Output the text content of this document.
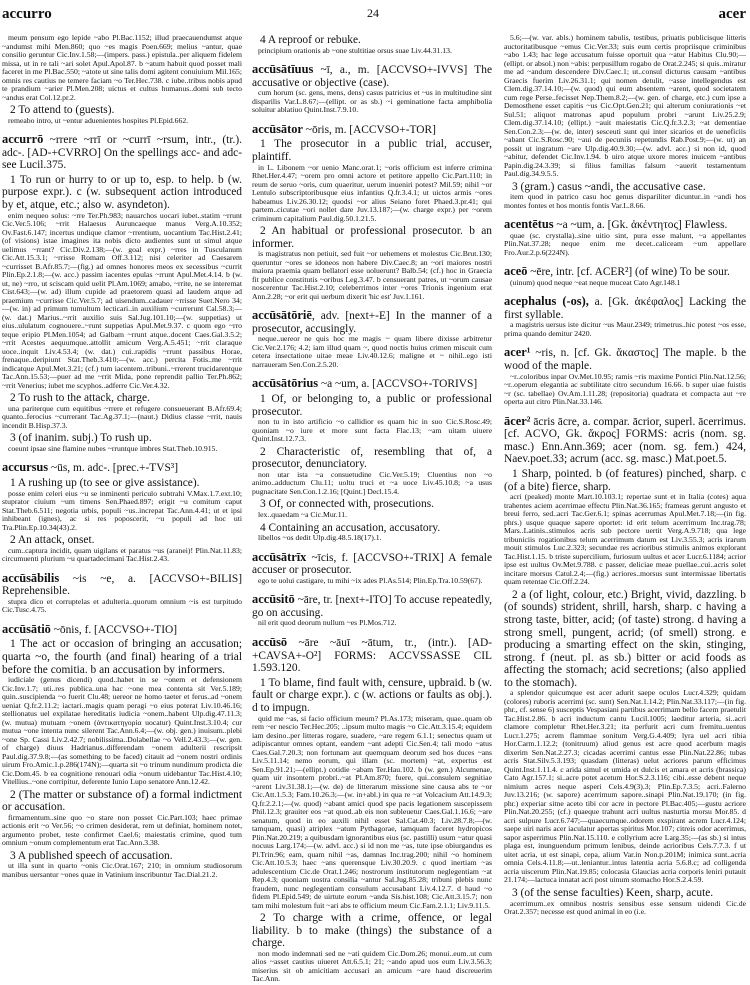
accurro	24	acer
meum pensum ego lepide ~abo Pl.Bac.1152; illud praecauendumst atque ~andumst mihi Men.860; quo ~es magis Poen.669; melius ~antur, quae consilio geruntur Cic.Inv.1.58;—(impers. pass.) epistula..per aliquem fidelem missa, ut in re tali ~ari solet Apul.Apol.87. b ~atum habuit quod posset mali faceret in me Pl.Bac.550; ~atote ut sine talis domi agitent conuiuium Mil.165; omnis res cautius ne temere faciam ~o Ter.Hec.738. c iube..tribus nobis apud te prandium ~arier Pl.Men.208; uictus et cultus humanus..domi sub tecto ~andus erat Col.12.pr.2.
2 To attend to (guests).
remeabo intro, ut ~entur aduenientes hospites Pl.Epid.662.
accurrō ~rrere ~rrī or ~currī ~rsum, intr., (tr.). adc-. [AD-+CVRRO] On the spellings acc- and adc- see Lucil.375.
1 To run or hurry to or up to, esp. to help. b (w. purpose expr.). c (w. subsequent action introduced by et, atque, etc.; also w. asyndeton).
enim nequeo solus: ~rre Ter.Ph.983; nauarchos uocari iubet..statim ~rrunt Cic.Ver.5.106; ~rrit Halaesus Auruncaeque manus Verg.A.10.352; Ov.Fast.6.147; incertus undique clamor ~rrentium, uocantium Tac.Hist.2.41; (of visions) istae imagines ita nobis dicto audientes sunt ut simul atque uelimus ~rrant? Cic.Div.2.138;—(w. goal expr.) ~rres in Tusculanum Cic.Att.15.3.1; ~rrisse Romam Off.3.112; nisi celeriter ad Caesarem ~currisset B.Afr.85.7;—(fig.) ad omnes honores meos ex secessibus ~currit Plin.Ep.2.1.8;—(w. acc.) passim iacentes epulas ~rrunt Apul.Met.4.14. b (w. ut, ne) ~rro, ut sciscam quid uelit Pl.Am.1069; amabo, ~rrite, ne se interemat Cist.643;—(w. ad) illum cupide ad praetorem quasi ad laudem atque ad praemium ~currisse Cic.Ver.5.7; ad uisendum..cadauer ~rrisse Suet.Nero 34;—(w. in) ad primum tumultum lecticari..in auxilium ~currerunt Cal.58.3;—(w. dat.) Marius..~rrit auxilio suis Sal.Jug.101.10;—(w. suppetias) ut eius..ululatum cognouere..~runt suppetias Apul.Met.9.37. c quom ego ~rro teque eripio Pl.Men.1054; ad Galbam ~rrunt atque..docent Caes.Gal.3.5.2; ~rrit Acestes aequumque..attollit amicum Verg.A.5.451; ~rrit claraque uoce..inquit Liv.4.53.4; (w. dat.) cui..rapidis ~rrunt passibus Horae, frenaque..deripiunt Stat.Theb.3.410;—(w. acc.) percita Fotis..me ~rrit indicatque Apul.Met.3.21; (cf.) tum iacentem..tribuni..~rrerent trucidarentque Tac.Ann.15.53;—puer ad me ~rrit Mida, pone reprendit pallio Ter.Ph.862; ~rrit Venerius; iubet me scyphos..adferre Cic.Ver.4.32.
2 To rush to the attack, charge.
una pariterque cum equitibus ~rrere et refugere consueuerant B.Afr.69.4; quanto..ferocius ~currerant Tac.Ag.37.1;—(naut.) Didius classe ~rrit, nauis incendit B.Hisp.37.3.
3 (of inanim. subj.) To rush up.
coeunt ipsae sine flamine nubes ~rruntque imbres Stat.Theb.10.915.
accursus ~ūs, m. adc-. [prec.+-TVS³]
1 A rushing up (to see or give assistance).
posse enim celeri eius ~u se inminenti periculo subtrahi V.Max.1.7.ext.10; stuprator ciuium ~um timens Sen.Phaed.897; erigit ~u comitum caput Stat.Theb.6.511; negotia urbis, populi ~us..increpat Tac.Ann.4.41; ut et ipsi inhibeant (ignes), ac si res poposcerit, ~u populi ad hoc uti Tra.Plin.Ep.10.34(43).2.
2 An attack, onset.
cum..captura incidit, quam uigilans et paratus ~us (aranei)! Plin.Nat.11.83; circumuenti plurium ~u quartadecimani Tac.Hist.2.43.
accūsābilis ~is ~e, a. [ACCVSO+-BILIS] Reprehensible.
stupra dico et corruptelas et adulteria..quorum omnium ~is est turpitudo Cic.Tusc.4.75.
accūsātiō ~ōnis, f. [ACCVSO+-TIO]
1 The act or occasion of bringing an accusation; quarta ~o, the fourth (and final) hearing of a trial before the comitia. b an accusation by informers.
iudiciale (genus dicendi) quod..habet in se ~onem et defensionem Cic.Inv.1.7; uti..res publica..una hac ~one mea contenta sit Ver.5.189; quin..suscipienda ~o fuerit Clu.48; uereor ne homo taeter et ferus..ad ~onem ueniat Q.fr.2.11.2; iactari..magis quam peragi ~o eius poterat Liv.10.46.16; stellionatus uel expilatae hereditatis iudicia ~onem..habent Ulp.dig.47.11.3; (w. mutua) mutuam ~onem (ἀντικατηγορία uocatur) Quint.Inst.3.10.4; cur mutua ~one intenta nunc silerent Tac.Ann.6.4;—(w. obj. gen.) inuisum..plebi ~one Sp. Cassi Liv.2.42.7; nobilissima..Dolabellae ~o Vell.2.43.3;—(w. gen. of charge) diuus Hadrianus..differendam ~onem adulterii rescripsit Paul.dig.37.9.8;—(as something to be faced) citauit ad ~onem nostri ordinis uirum Fro.Amic.1.p.286(174N);—quarta sit ~o trinum nundinum prodicta die Cic.Dom.45. b ea cognitione renouari odia ~onum uidebantur Tac.Hist.4.10; Vitellius..~one corripitur, deferente Iunio Lupo senatore Ann.12.42.
2 (The matter or substance of) a formal indictment or accusation.
firmamentum..sine quo ~o stare non posset Cic.Part.103; haec primae actionis erit ~o Ver.56; ~o crimen desiderat, rem ut definiat, hominem notet, argumento probet, teste confirmet Cael.6; maiestatis crimine, quod tum omnium ~onum complementum erat Tac.Ann.3.38.
3 A published speech of accusation.
ut illa sunt in quarto ~onis Cic.Orat.167; 210; in omnium studiosorum manibus uersantur ~ones quae in Vatinium inscribuntur Tac.Dial.21.2.
4 A reproof or rebuke.
principium orationis ab ~one stultitiae orsus suae Liv.44.31.13.
accūsātīuus ~ī, a., m. [ACCVSO+-IVVS] The accusative or objective (case).
cum horum (sc. gens, mens, dens) casus patricius et ~us in multitudine sint disparilis Var.L.8.67;—(ellipt. or as sb.) ~i geminatione facta amphibolia soluitur ablatiuo Quint.Inst.7.9.10.
accūsātor ~ōris, m. [ACCVSO+-TOR]
1 The prosecutor in a public trial, accuser, plaintiff.
in L. Libonem ~or uenio Manc.orat.1; ~oris officium est inferre crimina Rhet.Her.4.47; ~orem pro omni actore et petitore appello Cic.Part.110; in reum de seruo ~oris, cum quaeritur, uerum inueniri potest? Mil.59; nihil ~or Lentulo subscriptoribusque eius infantius Q.fr.3.4.1; ut uictos armis ~ores habeamus Liv.26.30.12; quodsi ~or alius Seiano foret Phaed.3.pr.41; qui partem..cicutae ~ori nollet dare Juv.13.187;—(w. charge expr.) per ~orem criminum capitalium Paul.dig.50.1.21.5.
2 An habitual or professional prosecutor. b an informer.
is magistratus non petiuit, sed fuit ~or uehemens et molestus Cic.Brut.130; queruntur ~ores se idoneos non habere Div.Caec.8; an ~ori maiores nostri maiora praemia quam bellatori esse uoluerunt? Balb.54; (cf.) hoc in Graecia fit publice constitutis ~oribus Leg.3.47. b censuerant patres, ut ~orum causae noscerentur Tac.Hist.2.10; celeberrimos inter ~ores Trionis ingenium erat Ann.2.28; ~or erit qui uerbum dixerit 'hic est' Juv.1.161.
accūsātōriē, adv. [next+-E] In the manner of a prosecutor, accusingly.
neque..uereor ne quis hoc me magis ~ quam libere dixisse arbitretur Cic.Ver.2.176; 4.2; iam illud quam ~, quod noctis huius crimen miscuit cum cetera insectatione uitae meae Liv.40.12.6; maligne et ~ nihil..ego isti narraueram Sen.Con.2.5.20.
accūsātōrius ~a ~um, a. [ACCVSO+-TORIVS]
1 Of, or belonging to, a public or professional prosecutor.
non tu in isto artificio ~o callidior es quam hic in suo Cic.S.Rosc.49; quoniam ~o iure et more sunt facta Flac.13; ~am uitam uiuere Quint.Inst.12.7.3.
2 Characteristic of, resembling that of, a prosecutor, denunciatory.
non utar ista ~a consuetudine Cic.Ver.5.19; Cluentius non ~o animo..adductum Clu.11; uoltu truci et ~a uoce Liv.45.10.8; ~a usus pugnacitate Sen.Con.1.2.16; [Quint.] Decl.15.4.
3 Of, or connected with, prosecutions.
lex..quaedam ~a Cic.Mur.11.
4 Containing an accusation, accusatory.
libellos ~os dedit Ulp.dig.48.5.18(17).1.
accūsātrīx ~īcis, f. [ACCVSO+-TRIX] A female accuser or prosecutor.
ego te uolui castigare, tu mihi ~ix ades Pl.As.514; Plin.Ep.Tra.10.59(67).
accūsitō ~āre, tr. [next+-ITO] To accuse repeatedly, go on accusing.
nil erit quod deorum nullum ~es Pl.Mos.712.
accūsō ~āre ~āuī ~ātum, tr., (intr.). [AD-+CAVSA+-O²] FORMS: ACCVSSASSE CIL 1.593.120.
1 To blame, find fault with, censure, upbraid. b (w. fault or charge expr.). c (w. actions or faults as obj.). d to impugn.
quid me ~as, si facio officium meum? Pl.As.173; miseram, quae..quam ob rem ~er nescio Ter.Hec.205; ..ipsum multo magis ~o Cic.Att.3.15.4; equidem iam desino..per litteras rogare, suadere, ~are regem 6.1.1; senectus quam ut adipiscantur omnes optant, eandem ~ant adepti Cic.Sen.4; tali modo ~atus Caes.Gal.7.20.3; non fortunam aut quemquam deorum sed hos duces ~ans Liv.5.11.14; nemo eorum, qui illam (sc. mortem) ~at, expertus est Sen.Ep.91.21;—(ellipt.) cotidie ~abam Ter.Hau.102. b (w. gen.) Alcumenae, quam uir insontem probri..~at Pl.Am.870; fuere, qui..consulem segnitiae ~arent Liv.31.38.1;—(w. de) de litterarum missione sine causa abs te ~or Cic.Att.1.5.3; Fam.10.26.3;—(w. in+abl.) in qua re ~at Volcacium Att.14.9.3; Q.fr.2.2.1;—(w. quod) ~abant amici quod spe pacis legationem suscepissem Phil.12.3; grauiter eos ~at quod..ab eis non subleuetur Caes.Gal.1.16.6; ~are senatum, quod in eo auxili nihil esset Sal.Cat.40.3; Liv.28.7.8;—(w. tamquam, quasi) atriplex ~atum Pythagorae, tamquam faceret hydropicos Plin.Nat.20.219; a quibusdam ignorantibus eius (sc. pastilli) usum ~atur quasi nocuus Larg.174;—(w. advl. acc.) si id non me ~as, tute ipse obiurgandus es Pl.Trin.96; eam, quam nihil ~as, damnas Inc.trag.200; nihil ~o hominem Cic.Att.10.5.3; haec ~ans querensque Liv.30.20.9. c quod inertiam ~as adulescentium Cic.de Orat.1.246; nostrorum institutorum neglegentiam ~at Rep.4.3; quoniam uostra consilia ~antur Sal.Jug.85.28; tribuni plebis nunc fraudem, nunc neglegentiam consulum accusabant Liv.4.12.7. d haud ~o fidem Pl.Epid.549; de uirtute eorum ~anda Sis.hist.108; Cic.Att.3.15.7; non tam mihi molestum fuit ~ari abs te officium meum Cic.Fam.2.1.1; Liv.9.11.5.
2 To charge with a crime, offence, or legal liability. b to make (things) the substance of a charge.
non modo indemnati sed ne ~ati quidem Cic.Dom.26; monui..eum..ut cum alios ~asset cautius uiueret Att.6.5.1; 21; ~ando apud uos eum Liv.3.56.3; miserius sit ob amicitiam accusari an amicum ~are haud discreuerim Tac.Ann.
5.6;—(w. var. abls.) hominem tabulis, testibus, priuatis publicisque litteris auctoritatibusque ~emus Cic.Ver.33; suis eum certis propriisque criminibus ~abo 1.43; hac lege accusatum fuisse oportuit qua ~atur Habitus Clu.90;—(ellipt. or absol.) non ~abis: perpusillum rogabo de Orat.2.245; si quis..miratur me ad ~andum descendere Div.Caec.1; ut..consul dicturus causam ~antibus Graecis fuerim Liv.26.31.1; qui nomen detulit, ~asse intellegendus est Clem.dig.37.14.10;—(w. quod) qui eum absentem ~arent, quod societatem cum rege Perse..fecisset Nep.Them.8.2;—(w. gen. of charge, etc.) cum ipse a Demosthene esset capitis ~us Cic.Opt.Gen.21; qui alterum coniurationis ~et Sul.51; aliquot matronas apud populum probri ~arunt Liv.25.2.9; Clem.dig.37.14.10; (ellipt.) ~auit maiestatis Cic.Q.fr.3.2.3; ~at dementiae Sen.Con.2.3;—(w. de, inter) sesceuti sunt qui inter sicarios et de ueneficiis ~abant Cic.S.Rosc.90; ~aui de pecuniis repetundis Rab.Post.9;—(w. ut) an possit ut ingratum ~are Ulp.dig.40.9.30;—(w. advl. acc.) si non id, quod ~abitur, defendet Cic.Inv.1.94. b uiro atque uxore mores inuicem ~antibus Papin.dig.24.3.39; si filius familias falsum ~auerit testamentum Paul.dig.34.9.5.5.
3 (gram.) casus ~andi, the accusative case.
item quod in patrico casu hoc genus dispariliter dicuntur..in ~andi hos montes fontes et hos montis fontis Var.L.8.66.
acentētus ~a ~um, a. [Gk. ἀκέντητος] Flawless.
quae (sc. crystalla)..sine uitio sint, pura esse malunt, ~a appellantes Plin.Nat.37.28; neque enim me decet..caliceam ~um appellare Fro.Aur.2.p.6(224N).
aceō ~ēre, intr. [cf. ACER²] (of wine) To be sour.
(uinum) quod neque ~eat neque muceat Cato Agr.148.1
acephalus (-os), a. [Gk. ἀκέφαλος] Lacking the first syllable.
a magistris uersus iste dicitur ~us Maur.2349; trimetrus..hic potest ~os esse, prima quando demitur 2420.
acer¹ ~ris, n. [cf. Gk. ἄκαστος] The maple. b the wood of the maple.
~r..coloribus inpar Ov.Met.10.95; ramis ~ris maxime Pontici Plin.Nat.12.56; ~r..operum elegantia ac subtilitate citro secundum 16.66. b super uiae fuistis ~r (sc. tabellae) Ov.Am.1.11.28; (repositoria) quadrata et compacta aut ~re operta aut citro Plin.Nat.33.146.
ācer² ācris ācre, a. compar. ācrior, superl. ācerrimus. [cf. ACVO, Gk. ἄκρος] FORMS: acris (nom. sg. masc.) Enn.Ann.369; acer (nom. sg. fem.) 424, Naev.poet.33; acrum (acc. sg. masc.) Mat.poet.5.
1 Sharp, pointed. b (of features) pinched, sharp. c (of a bite) fierce, sharp.
acri (peaked) monte Mart.10.103.1; repertae sunt et in Italia (cotes) aqua trahentes aciem acerrimae effectu Plin.Nat.36.165; frameas gerunt angusto et breui ferro, sed..acri Tac.Ger.6.1; spinas acerrumas Apul.Met.7.18;—(in fig. phrs.) usque quaque sapere oportet: id erit telum acerrimum Inc.trag.78; Mars..Latinis..stimulos acris sub pectore uertit Verg.A.9.718; qua lege tribuniciis rogationibus telum acerrimum datum est Liv.3.55.3; acris irarum mouit stimulos Luc.2.323; secundae res acrioribus stimulis animos explorant Tac.Hist.1.15. b triste supercilium, furiosum uultus et acer Lucr.6.1184; acrior ipse est uultus Ov.Met.9.788. c passer, deliciae meae puellae..cui..acris solet incitare morsus Catul.2.4;—(fig.) acriores..morsus sunt intermissae libertatis quam retentae Cic.Off.2.24.
2 a (of light, colour, etc.) Bright, vivid, dazzling. b (of sounds) strident, shrill, harsh, sharp. c having a strong taste, bitter, acid; (of taste) strong. d having a strong smell, pungent, acrid; (of smell) strong. e producing a smarting effect on the skin, stinging, strong. f (neut. pl. as sb.) bitter or acid foods as affecting the stomach; acid secretions; (also applied to the stomach).
a splendor quicumque est acer adurit saepe oculos Lucr.4.329; quidam (colores) ruboris acerrimi (sc. sunt) Sen.Nat.1.14.2; Plin.Nat.33.117;—(in fig. phr., cf. sense 6) susceptis Vespasiani partibus acerrimam bello facem praetulit Tac.Hist.2.86. b acri inductum cantu Lucil.1005; laeditur arteria, si..acri clamore completur Rhet.Her.3.21; ita perfurit acri cum fremitu..uentus Lucr.1.275; acrem flammae sonitum Verg.G.4.409; lyra uel acri tibia Hor.Carm.1.12.2; (tonitruum) aliud genus est acre quod acerbum magis dixerim Sen.Nat.2.27.3; cicadas acerrimi cantus esse Plin.Nat.22.86; tubas acris Stat.Silv.5.3.193; quasdam (litteras) uelut acriores parum efficimus Quint.Inst.1.11.4. c arida simul et umida et dulcis et amara et acris (brassica) Cato Agr.157.1; si..acre potet acetum Hor.S.2.3.116; cibi..esse debent neque nimium acres neque asperi Cels.4.9(3).3; Plin.Ep.7.3.5; acri..Falerno Juv.13.216; (w. sapore) acerrimum sapore..sinapi Plin.Nat.19.170; (in fig. phr.) experiar sitne aceto tibi cor acre in pectore Pl.Bac.405;—gustu acriore Plin.Nat.20.255; (cf.) quaeque trahunt acri uultus nasturtia morsu Mor.85. d acri sulpure Lucr.6.747;—quaecumque..odorem exspirant acrem Lucr.4.124; saepe uiri naris acer iaculatur apertas spiritus Mor.107; citreis odor acerrimus, sapor asperrimus Plin.Nat.15.110. e collyrium acre Larg.35;—(as sb.) si intus plaga est, inunguendum primum lenibus, deinde acrioribus Cels.7.7.3. f ut uitet acria, ut est sinapi, cepa, alium Var.in Non.p.201M; inimica sunt..acria omnia Cels.4.11.8;—ut..leniantur..intus latentia acria 5.6.8.c; ad colligenda acria uiscerum Plin.Nat.19.85; colocasia Glaucias acria corporis leniri putauit 21.174;—lactuca innatat acri post uinum stomacho Hor.S.2.4.59.
3 (of the sense faculties) Keen, sharp, acute.
acerrimum..ex omnibus nostris sensibus esse sensum uidendi Cic.de Orat.2.357; necesse est quod animal in eo (i.e.
